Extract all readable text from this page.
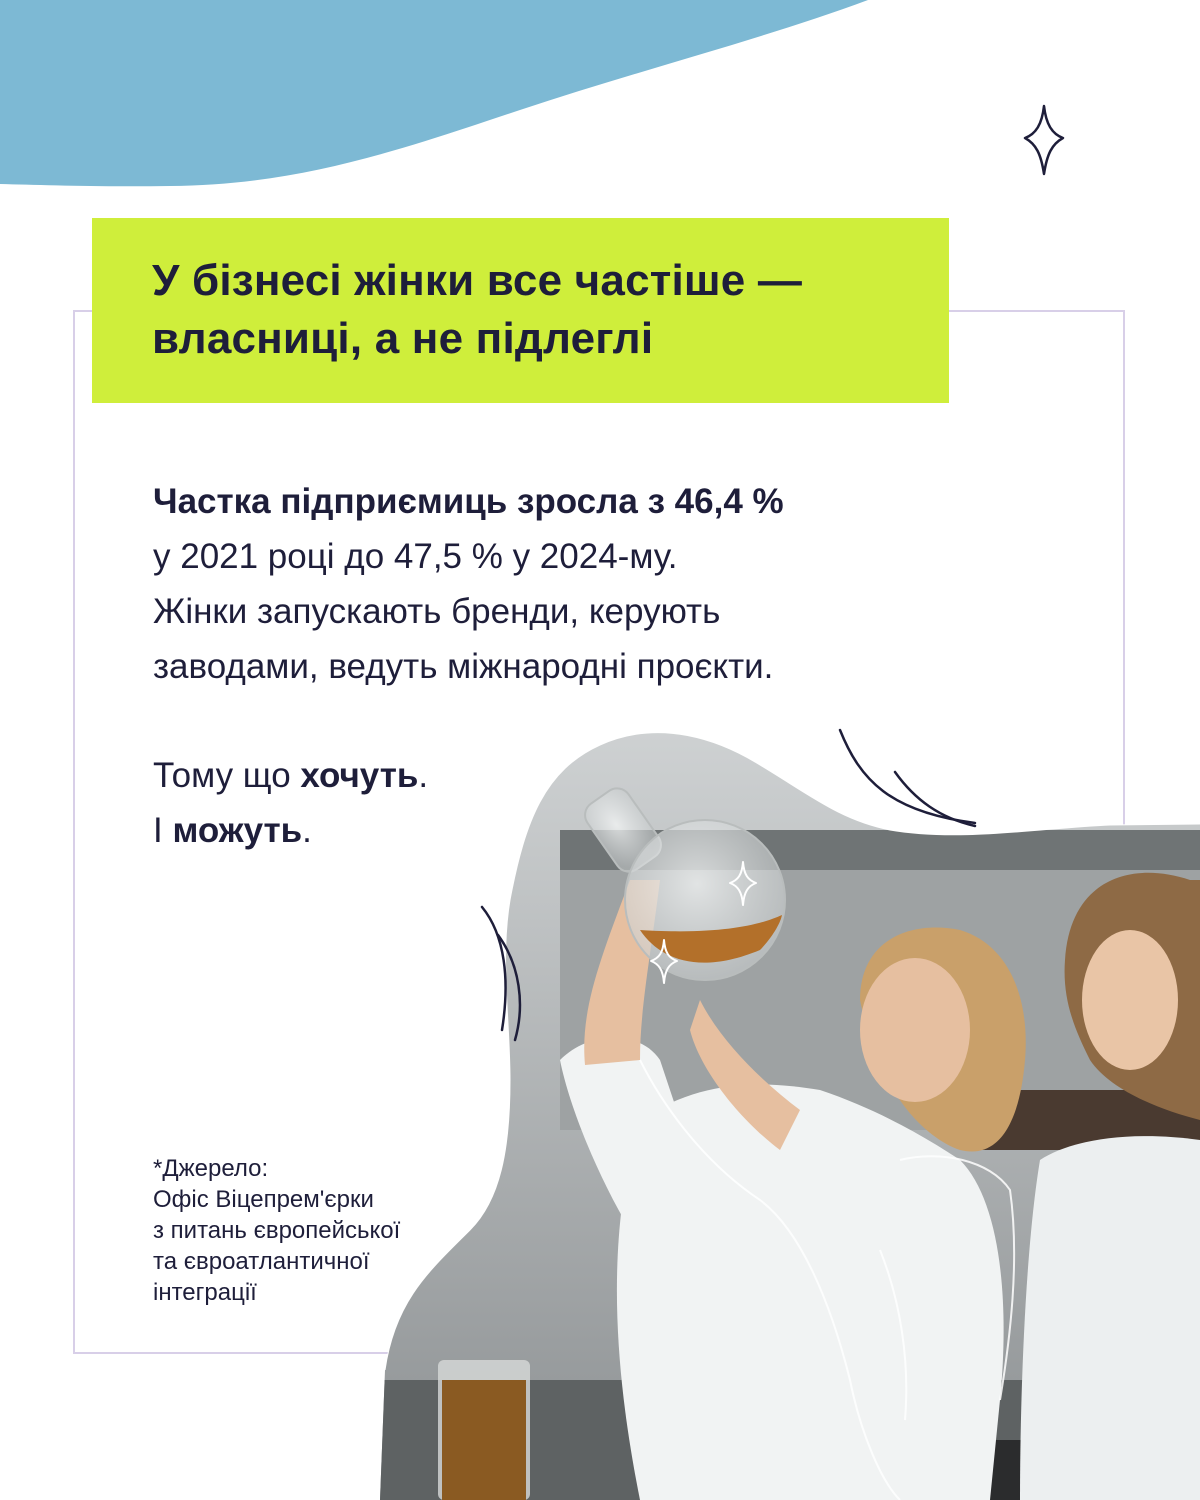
У бізнесі жінки все частіше —
власниці, а не підлеглі

Частка підприємиць зросла з 46,4 %
у 2021 році до 47,5 % у 2024-му.
Жінки запускають бренди, керують
заводами, ведуть міжнародні проєкти.

Тому що хочуть.
І можуть.

*Джерело:
Офіс Віцепрем'єрки
з питань європейської
та євроатлантичної
інтеграції
